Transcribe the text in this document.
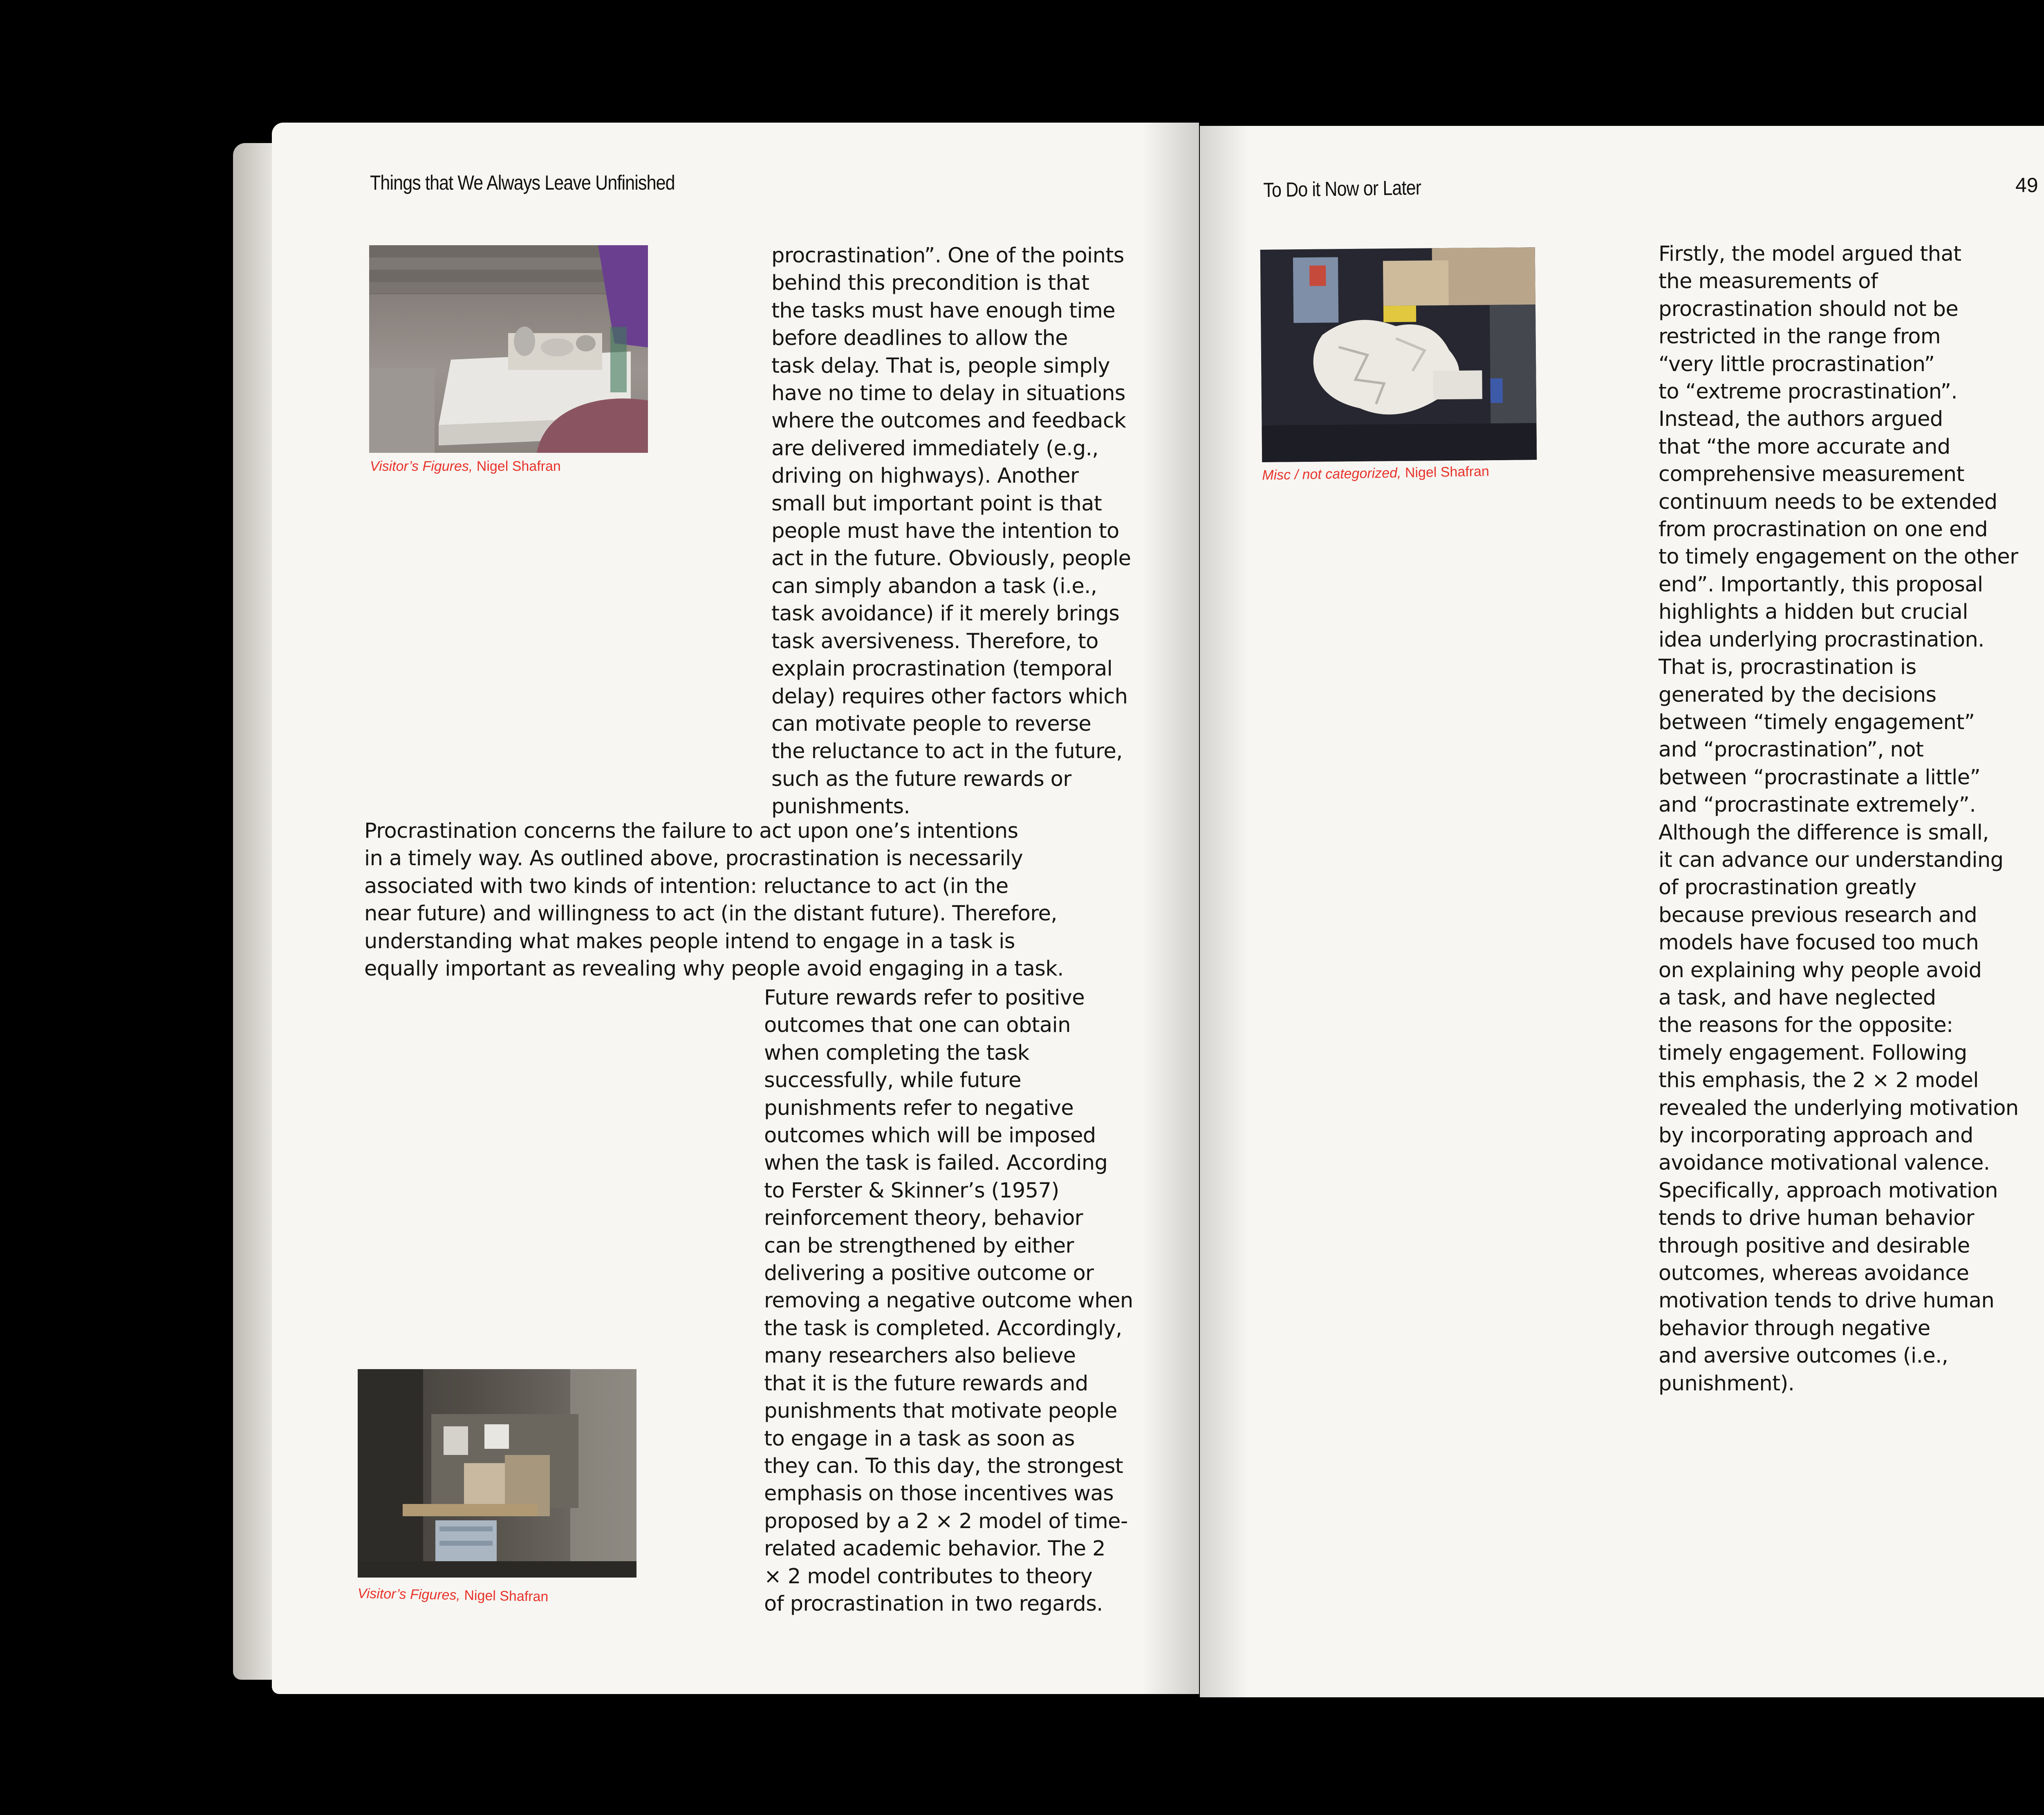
Things that We Always Leave Unfinished
Visitor’s Figures, Nigel Shafran
procrastination”. One of the points
behind this precondition is that
the tasks must have enough time
before deadlines to allow the
task delay. That is, people simply
have no time to delay in situations
where the outcomes and feedback
are delivered immediately (e.g.,
driving on highways). Another
small but important point is that
people must have the intention to
act in the future. Obviously, people
can simply abandon a task (i.e.,
task avoidance) if it merely brings
task aversiveness. Therefore, to
explain procrastination (temporal
delay) requires other factors which
can motivate people to reverse
the reluctance to act in the future,
such as the future rewards or
punishments.
Procrastination concerns the failure to act upon one’s intentions
in a timely way. As outlined above, procrastination is necessarily
associated with two kinds of intention: reluctance to act (in the
near future) and willingness to act (in the distant future). Therefore,
understanding what makes people intend to engage in a task is
equally important as revealing why people avoid engaging in a task.
Future rewards refer to positive
outcomes that one can obtain
when completing the task
successfully, while future
punishments refer to negative
outcomes which will be imposed
when the task is failed. According
to Ferster & Skinner’s (1957)
reinforcement theory, behavior
can be strengthened by either
delivering a positive outcome or
removing a negative outcome when
the task is completed. Accordingly,
many researchers also believe
that it is the future rewards and
punishments that motivate people
to engage in a task as soon as
they can. To this day, the strongest
emphasis on those incentives was
proposed by a 2 × 2 model of time-
related academic behavior. The 2
× 2 model contributes to theory
of procrastination in two regards.
Visitor’s Figures, Nigel Shafran
To Do it Now or Later	49
Misc / not categorized, Nigel Shafran
Firstly, the model argued that
the measurements of
procrastination should not be
restricted in the range from
“very little procrastination”
to “extreme procrastination”.
Instead, the authors argued
that “the more accurate and
comprehensive measurement
continuum needs to be extended
from procrastination on one end
to timely engagement on the other
end”. Importantly, this proposal
highlights a hidden but crucial
idea underlying procrastination.
That is, procrastination is
generated by the decisions
between “timely engagement”
and “procrastination”, not
between “procrastinate a little”
and “procrastinate extremely”.
Although the difference is small,
it can advance our understanding
of procrastination greatly
because previous research and
models have focused too much
on explaining why people avoid
a task, and have neglected
the reasons for the opposite:
timely engagement. Following
this emphasis, the 2 × 2 model
revealed the underlying motivation
by incorporating approach and
avoidance motivational valence.
Specifically, approach motivation
tends to drive human behavior
through positive and desirable
outcomes, whereas avoidance
motivation tends to drive human
behavior through negative
and aversive outcomes (i.e.,
punishment).
